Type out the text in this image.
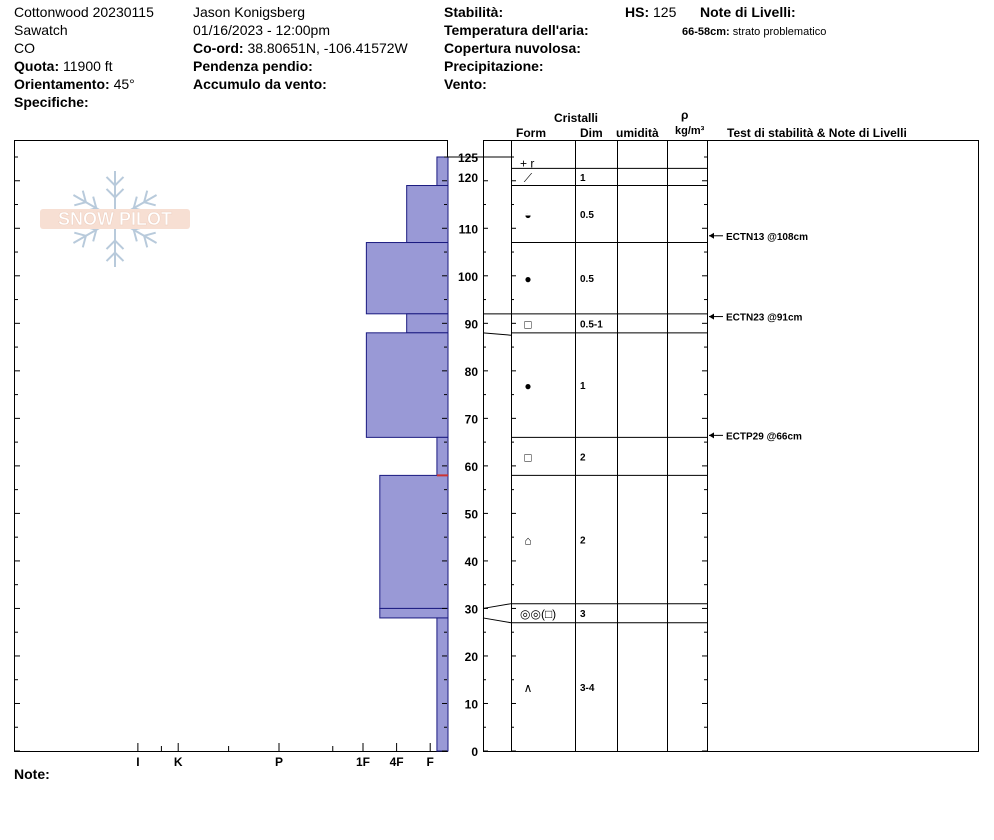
Cottonwood 20230115
Sawatch
CO
Quota: 11900 ft
Orientamento: 45°
Specifiche:
Jason Konigsberg
01/16/2023 - 12:00pm
Co-ord: 38.80651N, -106.41572W
Pendenza pendio:
Accumulo da vento:
Stabilità:
Temperatura dell'aria:
Copertura nuvolosa:
Precipitazione:
Vento:
HS: 125 Note di Livelli:
66-58cm: strato problematico
Note:
Cristalli
Form	Dim umidità
ρ
kg/m³ Test di stabilità & Note di Livelli
SNOW PILOT
F
4F
1F
P
K
I
0
10
20
30
40
50
60
70
80
90
100
110
120
125	+ r
⟋	1
◒	0.5
●	0.5
□	0.5-1
●	1
□	2
⌂	2
◎◎(□) 3
∧	3-4
ECTN13 @108cm
ECTN23 @91cm
ECTP29 @66cm
